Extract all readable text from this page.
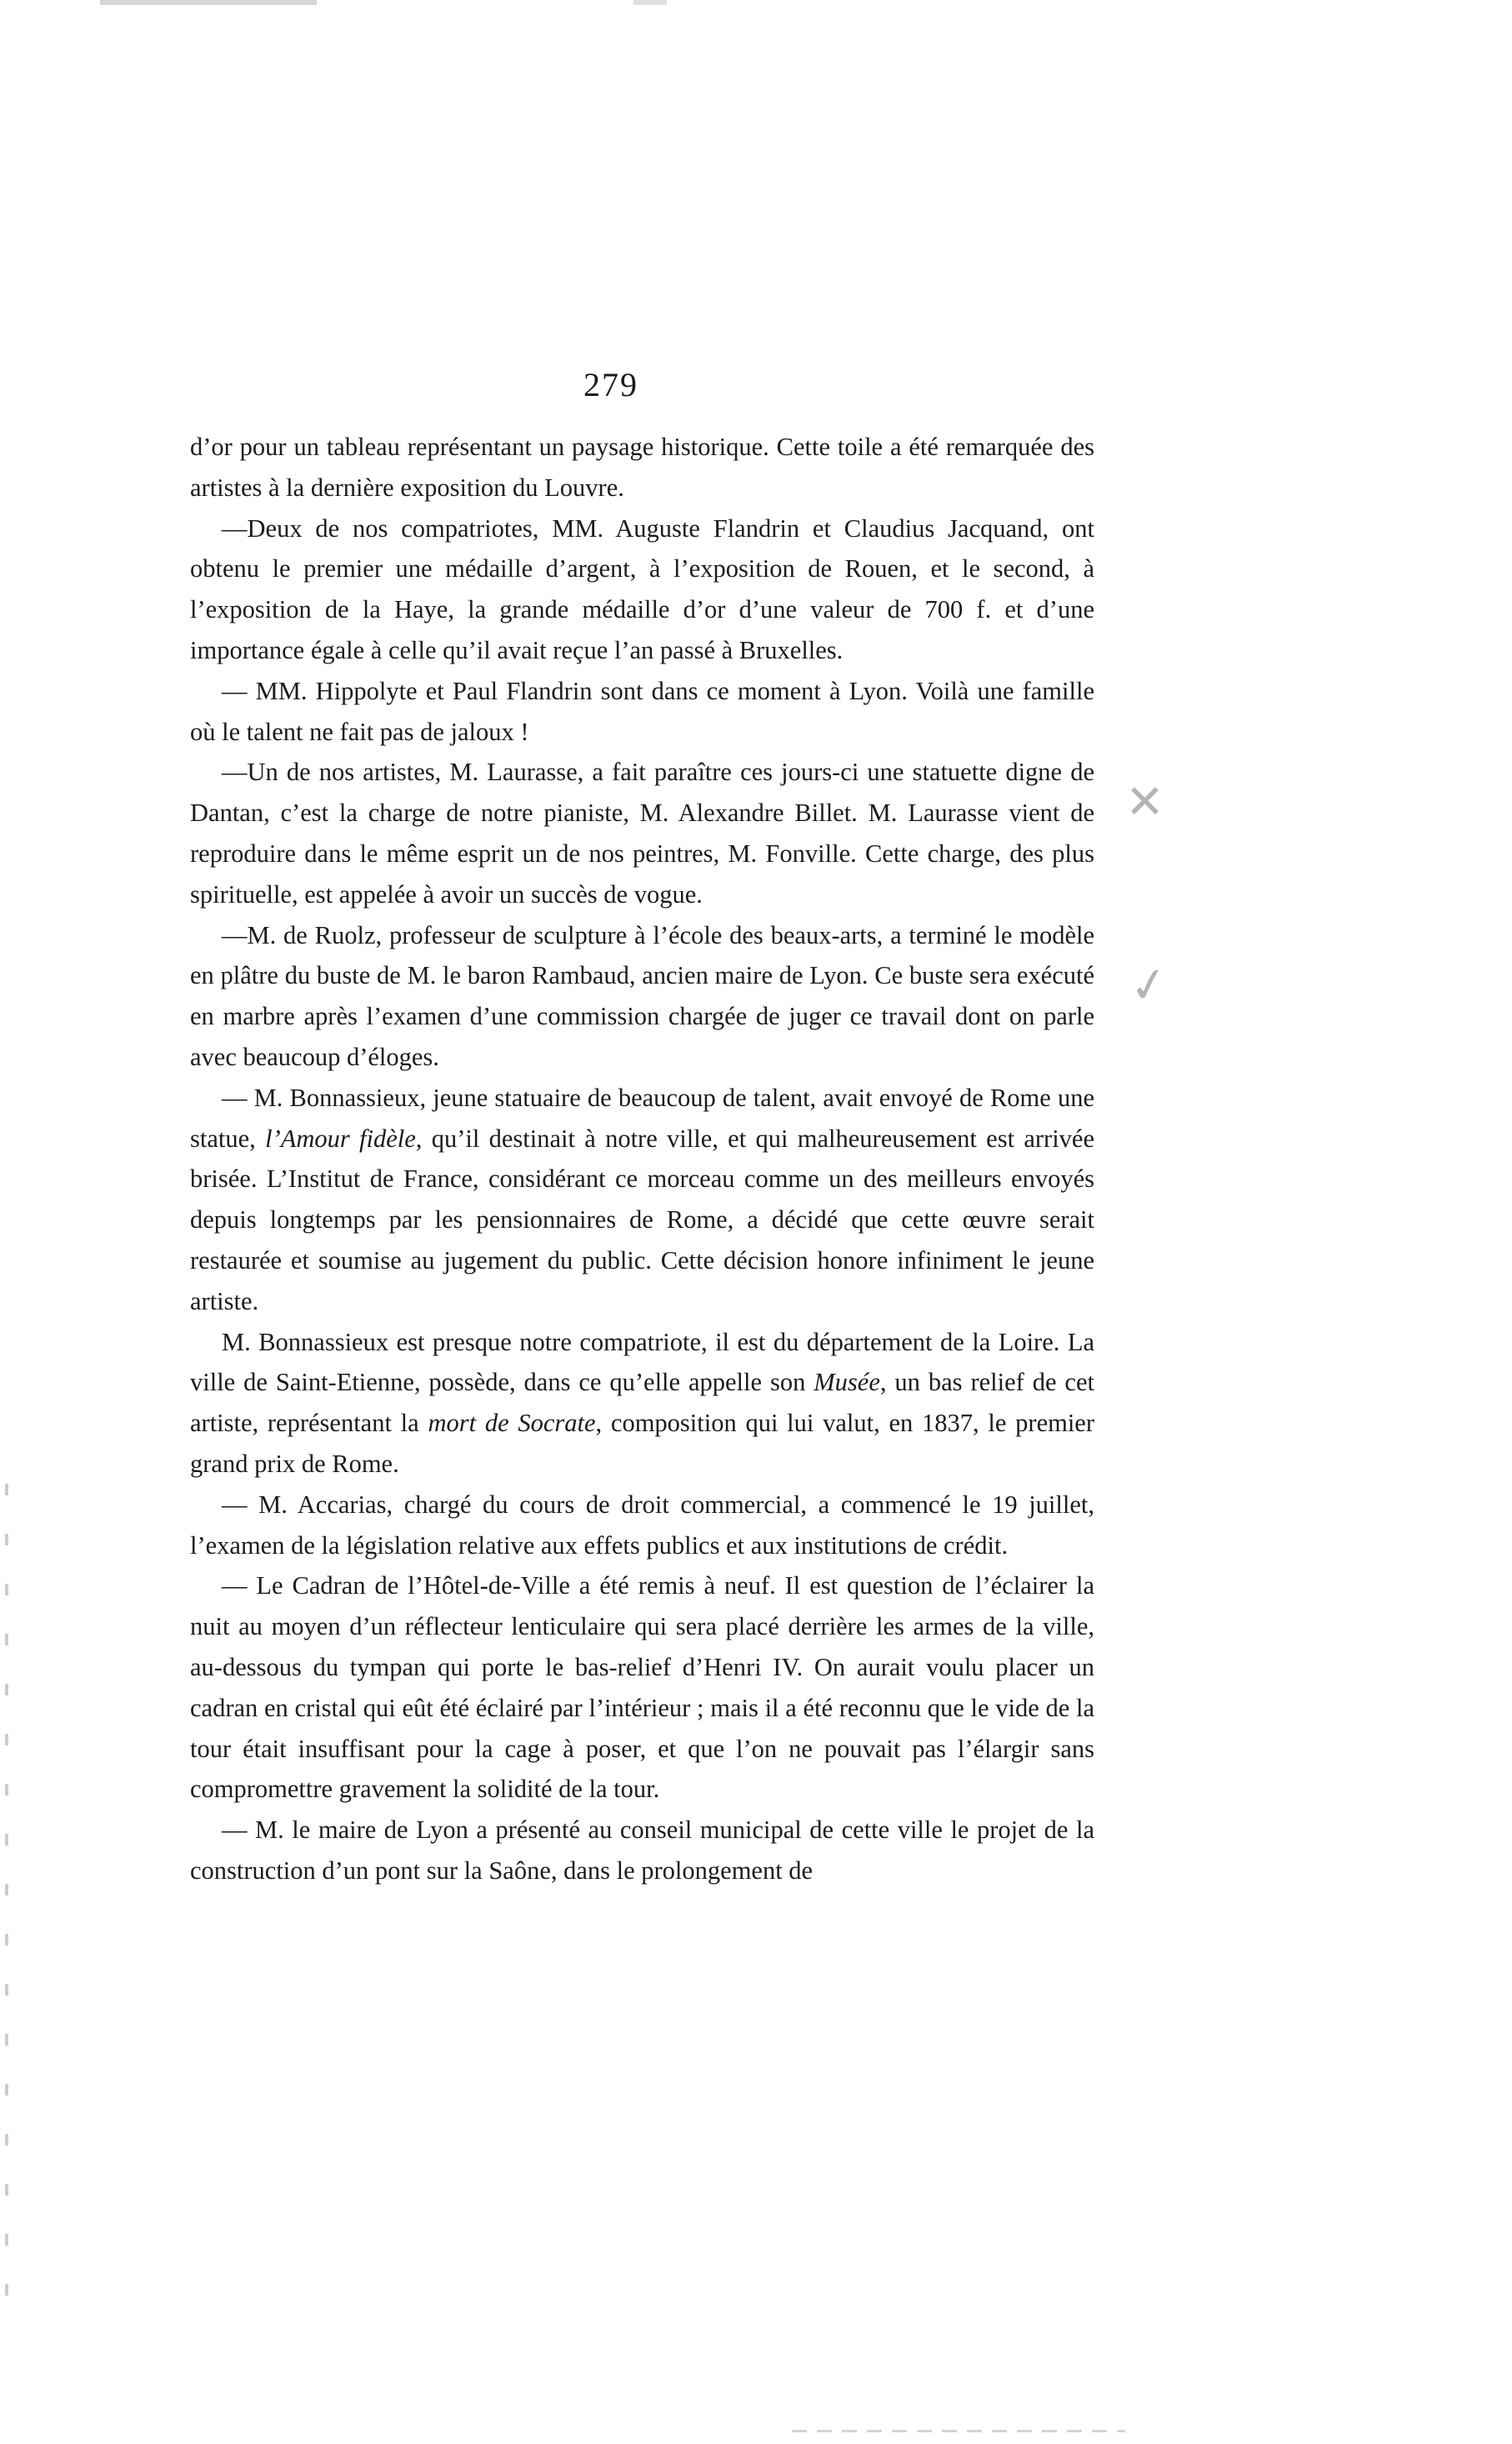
279

d’or pour un tableau représentant un paysage historique. Cette toile a été remarquée des artistes à la dernière exposition du Louvre.

—Deux de nos compatriotes, MM. Auguste Flandrin et Claudius Jacquand, ont obtenu le premier une médaille d’argent, à l’exposition de Rouen, et le second, à l’exposition de la Haye, la grande médaille d’or d’une valeur de 700 f. et d’une importance égale à celle qu’il avait reçue l’an passé à Bruxelles.

— MM. Hippolyte et Paul Flandrin sont dans ce moment à Lyon. Voilà une famille où le talent ne fait pas de jaloux !

—Un de nos artistes, M. Laurasse, a fait paraître ces jours-ci une statuette digne de Dantan, c’est la charge de notre pianiste, M. Alexandre Billet. M. Laurasse vient de reproduire dans le même esprit un de nos peintres, M. Fonville. Cette charge, des plus spirituelle, est appelée à avoir un succès de vogue.

—M. de Ruolz, professeur de sculpture à l’école des beaux-arts, a terminé le modèle en plâtre du buste de M. le baron Rambaud, ancien maire de Lyon. Ce buste sera exécuté en marbre après l’examen d’une commission chargée de juger ce travail dont on parle avec beaucoup d’éloges.

— M. Bonnassieux, jeune statuaire de beaucoup de talent, avait envoyé de Rome une statue, l’Amour fidèle, qu’il destinait à notre ville, et qui malheureusement est arrivée brisée. L’Institut de France, considérant ce morceau comme un des meilleurs envoyés depuis longtemps par les pensionnaires de Rome, a décidé que cette œuvre serait restaurée et soumise au jugement du public. Cette décision honore infiniment le jeune artiste.

M. Bonnassieux est presque notre compatriote, il est du département de la Loire. La ville de Saint-Etienne, possède, dans ce qu’elle appelle son Musée, un bas relief de cet artiste, représentant la mort de Socrate, composition qui lui valut, en 1837, le premier grand prix de Rome.

— M. Accarias, chargé du cours de droit commercial, a commencé le 19 juillet, l’examen de la législation relative aux effets publics et aux institutions de crédit.

— Le Cadran de l’Hôtel-de-Ville a été remis à neuf. Il est question de l’éclairer la nuit au moyen d’un réflecteur lenticulaire qui sera placé derrière les armes de la ville, au-dessous du tympan qui porte le bas-relief d’Henri IV. On aurait voulu placer un cadran en cristal qui eût été éclairé par l’intérieur ; mais il a été reconnu que le vide de la tour était insuffisant pour la cage à poser, et que l’on ne pouvait pas l’élargir sans compromettre gravement la solidité de la tour.

— M. le maire de Lyon a présenté au conseil municipal de cette ville le projet de la construction d’un pont sur la Saône, dans le prolongement de

✕
✓
